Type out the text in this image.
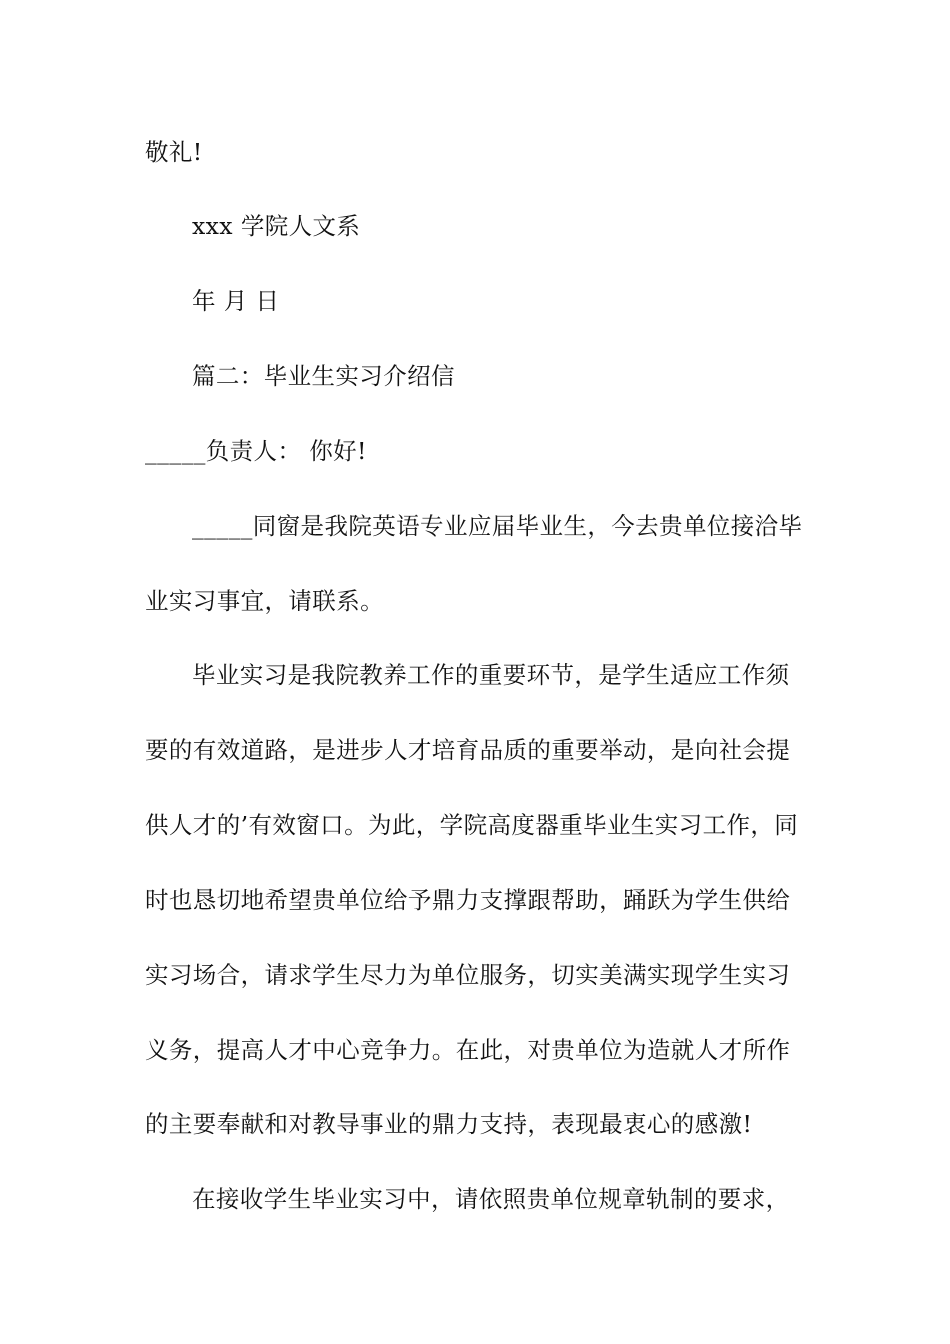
敬礼!
xxx 学院人文系
年 月 日
篇二：毕业生实习介绍信
_____负责人： 你好!
_____同窗是我院英语专业应届毕业生，今去贵单位接洽毕
业实习事宜，请联系。
毕业实习是我院教养工作的重要环节，是学生适应工作须
要的有效道路，是进步人才培育品质的重要举动，是向社会提
供人才的’有效窗口。为此，学院高度器重毕业生实习工作，同
时也恳切地希望贵单位给予鼎力支撑跟帮助，踊跃为学生供给
实习场合，请求学生尽力为单位服务，切实美满实现学生实习
义务，提高人才中心竞争力。在此，对贵单位为造就人才所作
的主要奉献和对教导事业的鼎力支持，表现最衷心的感激!
在接收学生毕业实习中，请依照贵单位规章轨制的要求，
